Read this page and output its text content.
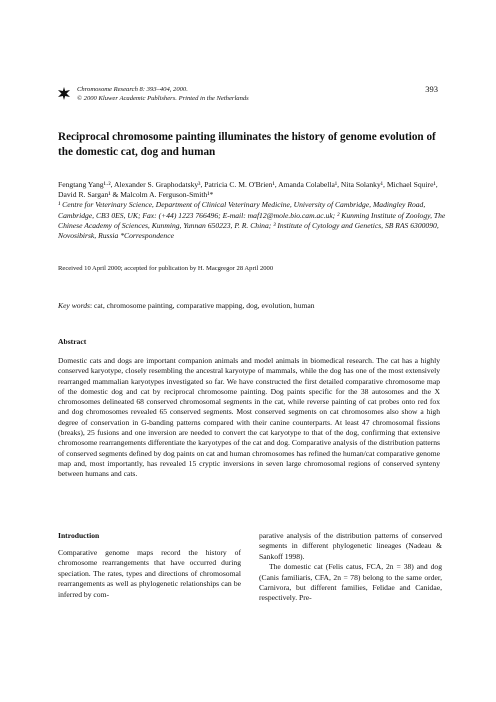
Chromosome Research 8: 393–404, 2000.
© 2000 Kluwer Academic Publishers. Printed in the Netherlands
393
Reciprocal chromosome painting illuminates the history of genome evolution of the domestic cat, dog and human
Fengtang Yang¹·², Alexander S. Graphodatsky³, Patricia C. M. O'Brien¹, Amanda Colabella¹, Nita Solanky¹, Michael Squire¹, David R. Sargan¹ & Malcolm A. Ferguson-Smith¹*
¹ Centre for Veterinary Science, Department of Clinical Veterinary Medicine, University of Cambridge, Madingley Road, Cambridge, CB3 0ES, UK; Fax: (+44) 1223 766496; E-mail: maf12@mole.bio.cam.ac.uk; ² Kunming Institute of Zoology, The Chinese Academy of Sciences, Kunming, Yunnan 650223, P. R. China; ³ Institute of Cytology and Genetics, SB RAS 6300090, Novosibirsk, Russia *Correspondence
Received 10 April 2000; accepted for publication by H. Macgregor 28 April 2000
Key words: cat, chromosome painting, comparative mapping, dog, evolution, human
Abstract
Domestic cats and dogs are important companion animals and model animals in biomedical research. The cat has a highly conserved karyotype, closely resembling the ancestral karyotype of mammals, while the dog has one of the most extensively rearranged mammalian karyotypes investigated so far. We have constructed the first detailed comparative chromosome map of the domestic dog and cat by reciprocal chromosome painting. Dog paints specific for the 38 autosomes and the X chromosomes delineated 68 conserved chromosomal segments in the cat, while reverse painting of cat probes onto red fox and dog chromosomes revealed 65 conserved segments. Most conserved segments on cat chromosomes also show a high degree of conservation in G-banding patterns compared with their canine counterparts. At least 47 chromosomal fissions (breaks), 25 fusions and one inversion are needed to convert the cat karyotype to that of the dog, confirming that extensive chromosome rearrangements differentiate the karyotypes of the cat and dog. Comparative analysis of the distribution patterns of conserved segments defined by dog paints on cat and human chromosomes has refined the human/cat comparative genome map and, most importantly, has revealed 15 cryptic inversions in seven large chromosomal regions of conserved synteny between humans and cats.
Introduction

Comparative genome maps record the history of chromosome rearrangements that have occurred during speciation. The rates, types and directions of chromosomal rearrangements as well as phylogenetic relationships can be inferred by com-

parative analysis of the distribution patterns of conserved segments in different phylogenetic lineages (Nadeau & Sankoff 1998).

The domestic cat (Felis catus, FCA, 2n = 38) and dog (Canis familiaris, CFA, 2n = 78) belong to the same order, Carnivora, but different families, Felidae and Canidae, respectively. Pre-
